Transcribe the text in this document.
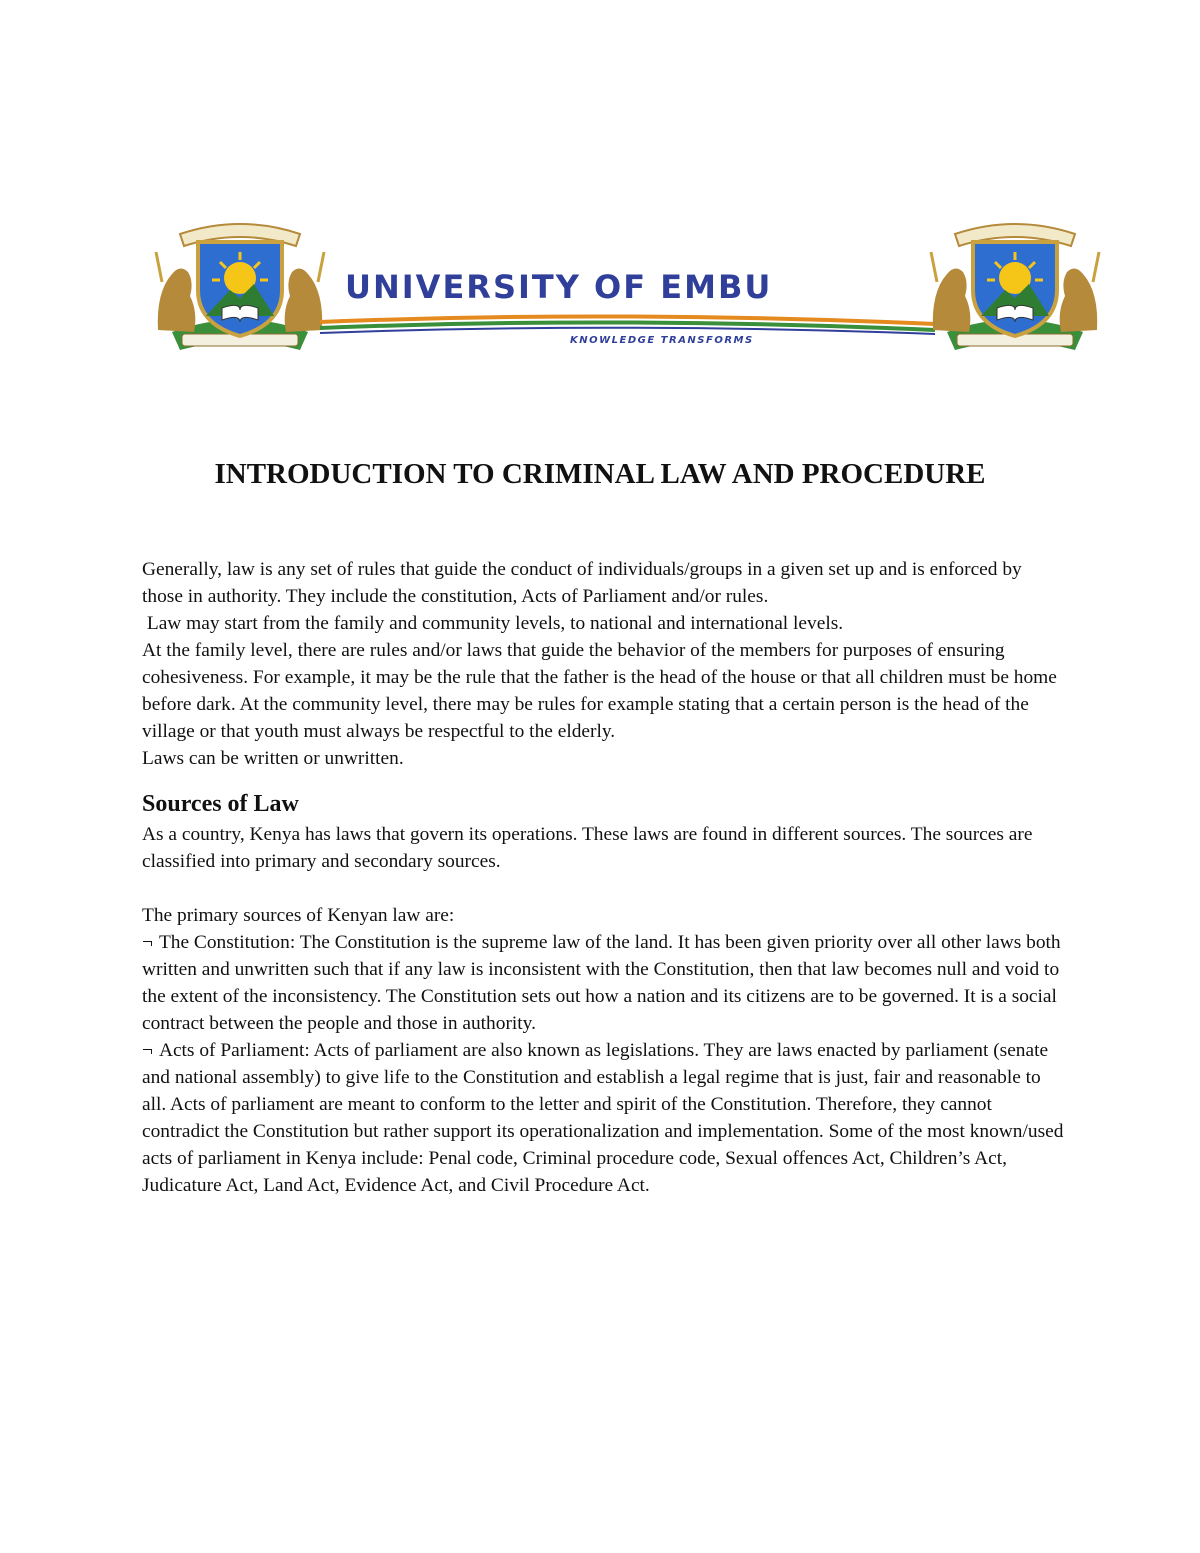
UNIVERSITY OF EMBU
KNOWLEDGE TRANSFORMS
INTRODUCTION TO CRIMINAL LAW AND PROCEDURE

Generally, law is any set of rules that guide the conduct of individuals/groups in a given set up and is enforced by those in authority. They include the constitution, Acts of Parliament and/or rules.

Law may start from the family and community levels, to national and international levels.

At the family level, there are rules and/or laws that guide the behavior of the members for purposes of ensuring cohesiveness. For example, it may be the rule that the father is the head of the house or that all children must be home before dark. At the community level, there may be rules for example stating that a certain person is the head of the village or that youth must always be respectful to the elderly.

Laws can be written or unwritten.

Sources of Law

As a country, Kenya has laws that govern its operations. These laws are found in different sources. The sources are classified into primary and secondary sources.

The primary sources of Kenyan law are:

¬ The Constitution: The Constitution is the supreme law of the land. It has been given priority over all other laws both written and unwritten such that if any law is inconsistent with the Constitution, then that law becomes null and void to the extent of the inconsistency. The Constitution sets out how a nation and its citizens are to be governed. It is a social contract between the people and those in authority.

¬ Acts of Parliament: Acts of parliament are also known as legislations. They are laws enacted by parliament (senate and national assembly) to give life to the Constitution and establish a legal regime that is just, fair and reasonable to all. Acts of parliament are meant to conform to the letter and spirit of the Constitution. Therefore, they cannot contradict the Constitution but rather support its operationalization and implementation. Some of the most known/used acts of parliament in Kenya include: Penal code, Criminal procedure code, Sexual offences Act, Children’s Act, Judicature Act, Land Act, Evidence Act, and Civil Procedure Act.
